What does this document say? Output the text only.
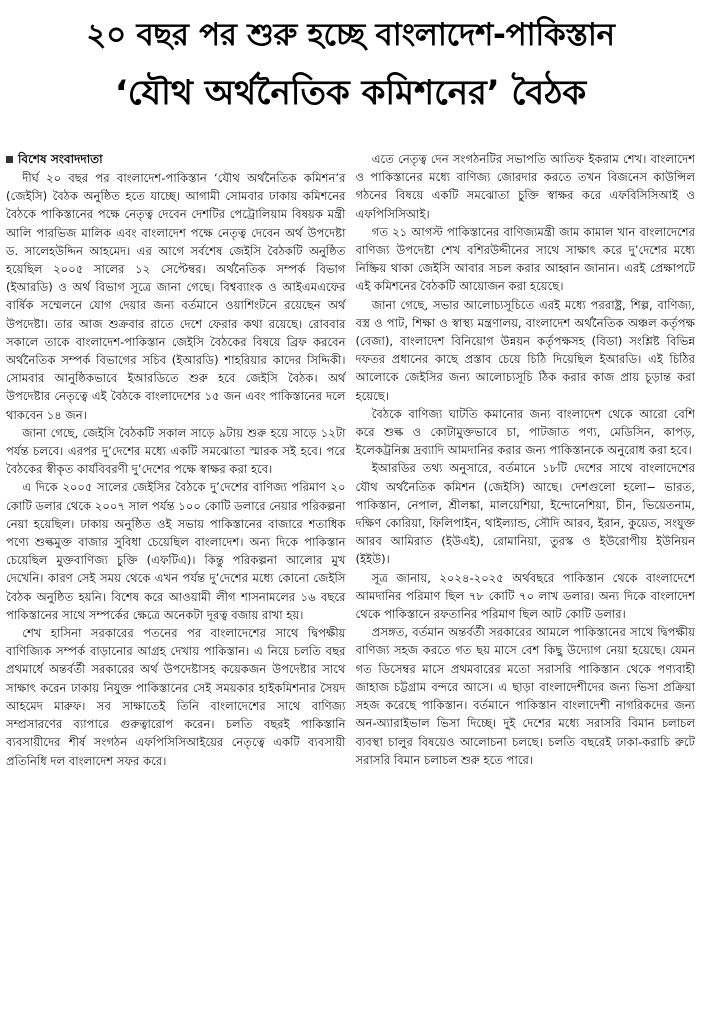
২০ বছর পর শুরু হচ্ছে বাংলাদেশ-পাকিস্তান
‘যৌথ অর্থনৈতিক কমিশনের’ বৈঠক
বিশেষ সংবাদদাতা

দীর্ঘ ২০ বছর পর বাংলাদেশ-পাকিস্তান ‘যৌথ অর্থনৈতিক কমিশন’র (জেইসি) বৈঠক অনুষ্ঠিত হতে যাচ্ছে। আগামী সোমবার ঢাকায় কমিশনের বৈঠকে পাকিস্তানের পক্ষে নেতৃত্ব দেবেন দেশটির পেট্রোলিয়াম বিষয়ক মন্ত্রী আলি পারভিজ মালিক এবং বাংলাদেশ পক্ষে নেতৃত্ব দেবেন অর্থ উপদেষ্টা ড. সালেহউদ্দিন আহমেদ। এর আগে সর্বশেষ জেইসি বৈঠকটি অনুষ্ঠিত হয়েছিল ২০০৫ সালের ১২ সেপ্টেম্বর। অর্থনৈতিক সম্পর্ক বিভাগ (ইআরডি) ও অর্থ বিভাগ সূত্রে জানা গেছে। বিশ্বব্যাংক ও আইএমএফের বার্ষিক সম্মেলনে যোগ দেয়ার জন্য বর্তমানে ওয়াশিংটনে রয়েছেন অর্থ উপদেষ্টা। তার আজ শুক্রবার রাতে দেশে ফেরার কথা রয়েছে। রোববার সকালে তাকে বাংলাদেশ-পাকিস্তান জেইসি বৈঠকের বিষয়ে ব্রিফ করবেন অর্থনৈতিক সম্পর্ক বিভাগের সচিব (ইআরডি) শাহরিয়ার কাদের সিদ্দিকী। সোমবার আনুষ্ঠিকভাবে ইআরডিতে শুরু হবে জেইসি বৈঠক। অর্থ উপদেষ্টার নেতৃত্বে এই বৈঠকে বাংলাদেশের ১৫ জন এবং পাকিস্তানের দলে থাকবেন ১৪ জন।

জানা গেছে, জেইসি বৈঠকটি সকাল সাড়ে ৯টায় শুরু হয়ে সাড়ে ১২টা পর্যন্ত চলবে। এরপর দু’দেশের মধ্যে একটি সমঝোতা স্মারক সই হবে। পরে বৈঠকের স্বীকৃত কার্যবিবরণী দু’দেশের পক্ষে স্বাক্ষর করা হবে।

এ দিকে ২০০৫ সালের জেইসির বৈঠকে দু’দেশের বাণিজ্য পরিমাণ ২০ কোটি ডলার থেকে ২০০৭ সাল পর্যন্ত ১০০ কোটি ডলারে নেয়ার পরিকল্পনা নেয়া হয়েছিল। ঢাকায় অনুষ্ঠিত ওই সভায় পাকিস্তানের বাজারে শতাধিক পণ্যে শুল্কমুক্ত বাজার সুবিধা চেয়েছিল বাংলাদেশ। অন্য দিকে পাকিস্তান চেয়েছিল মুক্তবাণিজ্য চুক্তি (এফটিএ)। কিন্তু পরিকল্পনা আলোর মুখ দেখেনি। কারণ সেই সময় থেকে এখন পর্যন্ত দু’দেশের মধ্যে কোনো জেইসি বৈঠক অনুষ্ঠিত হয়নি। বিশেষ করে আওয়ামী লীগ শাসনামলের ১৬ বছরে পাকিস্তানের সাথে সম্পর্কের ক্ষেত্রে অনেকটা দূরত্ব বজায় রাখা হয়।

শেখ হাসিনা সরকারের পতনের পর বাংলাদেশের সাথে দ্বিপক্ষীয় বাণিজ্যিক সম্পর্ক বাড়ানোর আগ্রহ দেখায় পাকিস্তান। এ নিয়ে চলতি বছর প্রথমার্ধে অন্তর্বর্তী সরকারের অর্থ উপদেষ্টাসহ কয়েকজন উপদেষ্টার সাথে সাক্ষাৎ করেন ঢাকায় নিযুক্ত পাকিস্তানের সেই সময়কার হাইকমিশনার সৈয়দ আহমেদ মারুফ। সব সাক্ষাতেই তিনি বাংলাদেশের সাথে বাণিজ্য সম্প্রসারণের ব্যাপারে গুরুত্বারোপ করেন। চলতি বছরই পাকিস্তানি ব্যবসায়ীদের শীর্ষ সংগঠন এফপিসিসিআইয়ের নেতৃত্বে একটি ব্যবসায়ী প্রতিনিধি দল বাংলাদেশ সফর করে।

এতে নেতৃত্ব দেন সংগঠনটির সভাপতি আতিফ ইকরাম শেখ। বাংলাদেশ ও পাকিস্তানের মধ্যে বাণিজ্য জোরদার করতে তখন বিজনেস কাউন্সিল গঠনের বিষয়ে একটি সমঝোতা চুক্তি স্বাক্ষর করে এফবিসিসিআই ও এফপিসিসিআই।

গত ২১ আগস্ট পাকিস্তানের বাণিজ্যমন্ত্রী জাম কামাল খান বাংলাদেশের বাণিজ্য উপদেষ্টা শেখ বশিরউদ্দীনের সাথে সাক্ষাৎ করে দু’দেশের মধ্যে নিষ্ক্রিয় থাকা জেইসি আবার সচল করার আহ্বান জানান। এরই প্রেক্ষাপটে এই কমিশনের বৈঠকটি আয়োজন করা হয়েছে।

জানা গেছে, সভার আলোচ্যসূচিতে এরই মধ্যে পররাষ্ট্র, শিল্প, বাণিজ্য, বস্ত্র ও পাট, শিক্ষা ও স্বাস্থ্য মন্ত্রণালয়, বাংলাদেশ অর্থনৈতিক অঞ্চল কর্তৃপক্ষ (বেজা), বাংলাদেশ বিনিয়োগ উন্নয়ন কর্তৃপক্ষসহ (বিডা) সংশ্লিষ্ট বিভিন্ন দফতর প্রধানের কাছে প্রস্তাব চেয়ে চিঠি দিয়েছিল ইআরডি। এই চিঠির আলোকে জেইসির জন্য আলোচ্যসূচি ঠিক করার কাজ প্রায় চূড়ান্ত করা হয়েছে।

বৈঠকে বাণিজ্য ঘাটতি কমানোর জন্য বাংলাদেশ থেকে আরো বেশি করে শুল্ক ও কোটামুক্তভাবে চা, পাটজাত পণ্য, মেডিসিন, কাপড়, ইলেকট্রনিক্স দ্রব্যাদি আমদানির করার জন্য পাকিস্তানকে অনুরোধ করা হবে।

ইআরডির তথ্য অনুসারে, বর্তমানে ১৮টি দেশের সাথে বাংলাদেশের যৌথ অর্থনৈতিক কমিশন (জেইসি) আছে। দেশগুলো হলো− ভারত, পাকিস্তান, নেপাল, শ্রীলঙ্কা, মালয়েশিয়া, ইন্দোনেশিয়া, চীন, ভিয়েতনাম, দক্ষিণ কোরিয়া, ফিলিপাইন, থাইল্যান্ড, সৌদি আরব, ইরান, কুয়েত, সংযুক্ত আরব আমিরাত (ইউএই), রোমানিয়া, তুরস্ক ও ইউরোপীয় ইউনিয়ন (ইইউ)।

সূত্র জানায়, ২০২৪-২০২৫ অর্থবছরে পাকিস্তান থেকে বাংলাদেশে আমদানির পরিমাণ ছিল ৭৮ কোটি ৭০ লাখ ডলার। অন্য দিকে বাংলাদেশ থেকে পাকিস্তানে রফতানির পরিমাণ ছিল আট কোটি ডলার।

প্রসঙ্গত, বর্তমান অন্তর্বর্তী সরকারের আমলে পাকিস্তানের সাথে দ্বিপক্ষীয় বাণিজ্য সহজ করতে গত ছয় মাসে বেশ কিছু উদ্যোগ নেয়া হয়েছে। যেমন গত ডিসেম্বর মাসে প্রথমবারের মতো সরাসরি পাকিস্তান থেকে পণ্যবাহী জাহাজ চট্টগ্রাম বন্দরে আসে। এ ছাড়া বাংলাদেশীদের জন্য ভিসা প্রক্রিয়া সহজ করেছে পাকিস্তান। বর্তমানে পাকিস্তান বাংলাদেশী নাগরিকদের জন্য অন-অ্যারাইভাল ভিসা দিচ্ছে। দুই দেশের মধ্যে সরাসরি বিমান চলাচল ব্যবস্থা চালুর বিষয়েও আলোচনা চলছে। চলতি বছরেই ঢাকা-করাচি রুটে সরাসরি বিমান চলাচল শুরু হতে পারে।
